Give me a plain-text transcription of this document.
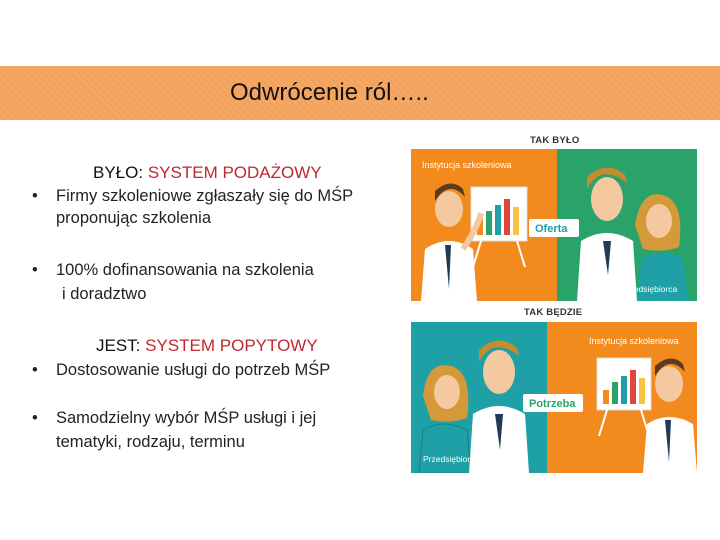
Odwrócenie ról…..
BYŁO: SYSTEM PODAŻOWY
• Firmy szkoleniowe zgłaszały się do MŚP
proponując szkolenia
• 100% dofinansowania na szkolenia
i doradztwo
JEST: SYSTEM POPYTOWY
• Dostosowanie usługi do potrzeb MŚP
• Samodzielny wybór MŚP usługi i jej
tematyki, rodzaju, terminu
TAK BYŁO
TAK BĘDZIE
Instytucja szkoleniowa
Oferta
Przedsiębiorca
Instytucja szkoleniowa
Potrzeba
Przedsiębiorca
